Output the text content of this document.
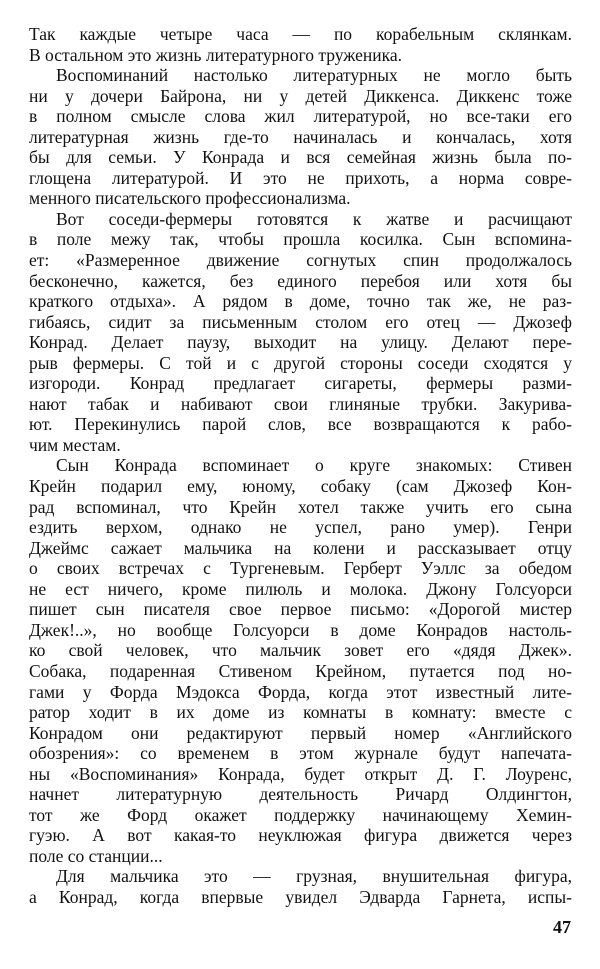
Так каждые четыре часа — по корабельным склянкам.
В остальном это жизнь литературного труженика.
Воспоминаний настолько литературных не могло быть
ни у дочери Байрона, ни у детей Диккенса. Диккенс тоже
в полном смысле слова жил литературой, но все-таки его
литературная жизнь где-то начиналась и кончалась, хотя
бы для семьи. У Конрада и вся семейная жизнь была по-
глощена литературой. И это не прихоть, а норма совре-
менного писательского профессионализма.
Вот соседи-фермеры готовятся к жатве и расчищают
в поле межу так, чтобы прошла косилка. Сын вспомина-
ет: «Размеренное движение согнутых спин продолжалось
бесконечно, кажется, без единого перебоя или хотя бы
краткого отдыха». А рядом в доме, точно так же, не раз-
гибаясь, сидит за письменным столом его отец — Джозеф
Конрад. Делает паузу, выходит на улицу. Делают пере-
рыв фермеры. С той и с другой стороны соседи сходятся у
изгороди. Конрад предлагает сигареты, фермеры разми-
нают табак и набивают свои глиняные трубки. Закурива-
ют. Перекинулись парой слов, все возвращаются к рабо-
чим местам.
Сын Конрада вспоминает о круге знакомых: Стивен
Крейн подарил ему, юному, собаку (сам Джозеф Кон-
рад вспоминал, что Крейн хотел также учить его сына
ездить верхом, однако не успел, рано умер). Генри
Джеймс сажает мальчика на колени и рассказывает отцу
о своих встречах с Тургеневым. Герберт Уэллс за обедом
не ест ничего, кроме пилюль и молока. Джону Голсуорси
пишет сын писателя свое первое письмо: «Дорогой мистер
Джек!..», но вообще Голсуорси в доме Конрадов настоль-
ко свой человек, что мальчик зовет его «дядя Джек».
Собака, подаренная Стивеном Крейном, путается под но-
гами у Форда Мэдокса Форда, когда этот известный лите-
ратор ходит в их доме из комнаты в комнату: вместе с
Конрадом они редактируют первый номер «Английского
обозрения»: со временем в этом журнале будут напечата-
ны «Воспоминания» Конрада, будет открыт Д. Г. Лоуренс,
начнет литературную деятельность Ричард Олдингтон,
тот же Форд окажет поддержку начинающему Хемин-
гуэю. А вот какая-то неуклюжая фигура движется через
поле со станции...
Для мальчика это — грузная, внушительная фигура,
а Конрад, когда впервые увидел Эдварда Гарнета, испы-
47
